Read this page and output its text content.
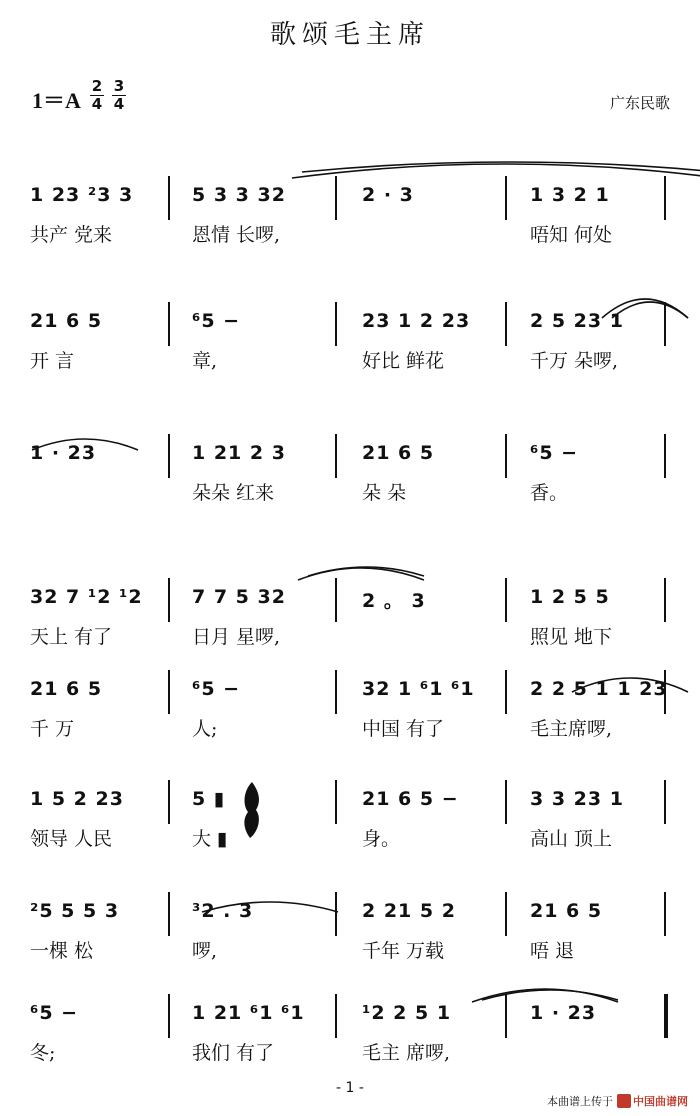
歌颂毛主席
1＝A
2
4
3
4	广东民歌
1 23 ²3 3
共产 党来
5 3 3 32
恩情 长啰,
2 · 3	1 3 2 1
唔知 何处
21 6 5
开 言
⁶5 −
章,
23 1 2 23
好比 鲜花
2 5 23 1
千万 朵啰,
1 · 23	1 21 2 3
朵朵 红来
21 6 5
朵 朵
⁶5 −
香。
32 7 ¹2 ¹2
天上 有了
7 7 5 32
日月 星啰,
2 。 3	1 2 5 5
照见 地下
21 6 5
千 万
⁶5 −
人;
32 1 ⁶1 ⁶1
中国 有了
2 2 5 1 1 23
毛主席啰,
1 5 2 23
领导 人民
5 ▮
大 ▮
21 6 5 −
身。
3 3 23 1
高山 顶上
²5 5 5 3
一棵 松
³2 . 3
啰,
2 21 5 2
千年 万载
21 6 5
唔 退
⁶5 −
冬;
1 21 ⁶1 ⁶1
我们 有了
¹2 2 5 1
毛主 席啰,
1 · 23
- 1 -
本曲谱上传于 中国曲谱网
